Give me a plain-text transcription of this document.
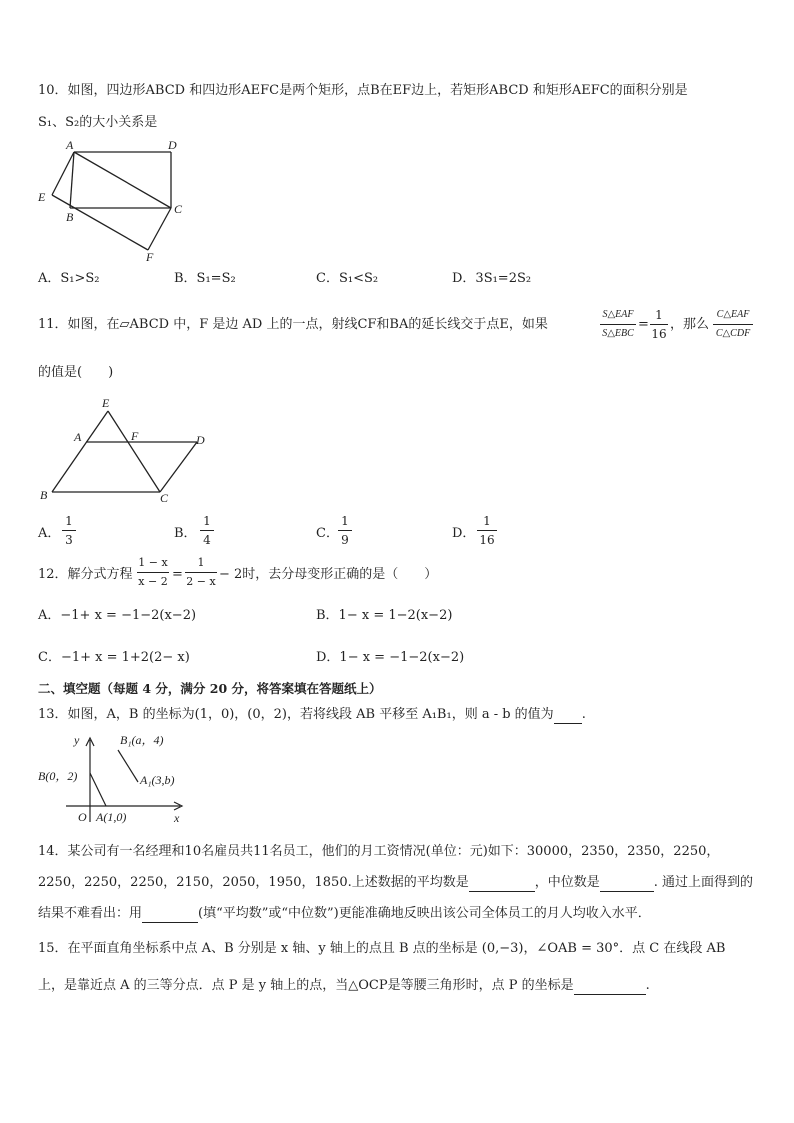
10．如图，四边形ABCD 和四边形AEFC是两个矩形，点B在EF边上，若矩形ABCD 和矩形AEFC的面积分别是
S₁、S₂的大小关系是
A	D
E
B
C
F
A．S₁>S₂	B．S₁=S₂	C．S₁<S₂	D．3S₁=2S₂
11．如图，在▱ABCD 中，F 是边 AD 上的一点，射线CF和BA的延长线交于点E，如果
S△EAF
S△EBC
=
1
16
，那么
C△EAF
C△CDF
的值是(　　)
E
A	F	D
B	C
A．
1
3	B．
1
4	C．
1
9	D．
1
16
12．解分式方程
1 − x
x − 2 =
1
2 − x − 2时，去分母变形正确的是（　　）
A．−1+ x = −1−2(x−2)	B．1− x = 1−2(x−2)
C．−1+ x = 1+2(2− x)	D．1− x = −1−2(x−2)
二、填空题（每题 4 分，满分 20 分，将答案填在答题纸上）
13．如图，A，B 的坐标为(1，0)，(0，2)，若将线段 AB 平移至 A₁B₁，则 a - b 的值为 .
y	B₁(a，4)
A₁(3,b)
B(0，2)
O A(1,0)	x
14．某公司有一名经理和10名雇员共11名员工，他们的月工资情况(单位：元)如下：30000，2350，2350，2250，
2250，2250，2250，2150，2050，1950，1850.上述数据的平均数是	，中位数是	. 通过上面得到的
结果不难看出：用	(填“平均数”或“中位数”)更能准确地反映出该公司全体员工的月人均收入水平．
15．在平面直角坐标系中点 A、B 分别是 x 轴、y 轴上的点且 B 点的坐标是 (0,−3)，∠OAB = 30°．点 C 在线段 AB
上，是靠近点 A 的三等分点．点 P 是 y 轴上的点，当△OCP是等腰三角形时，点 P 的坐标是	.
